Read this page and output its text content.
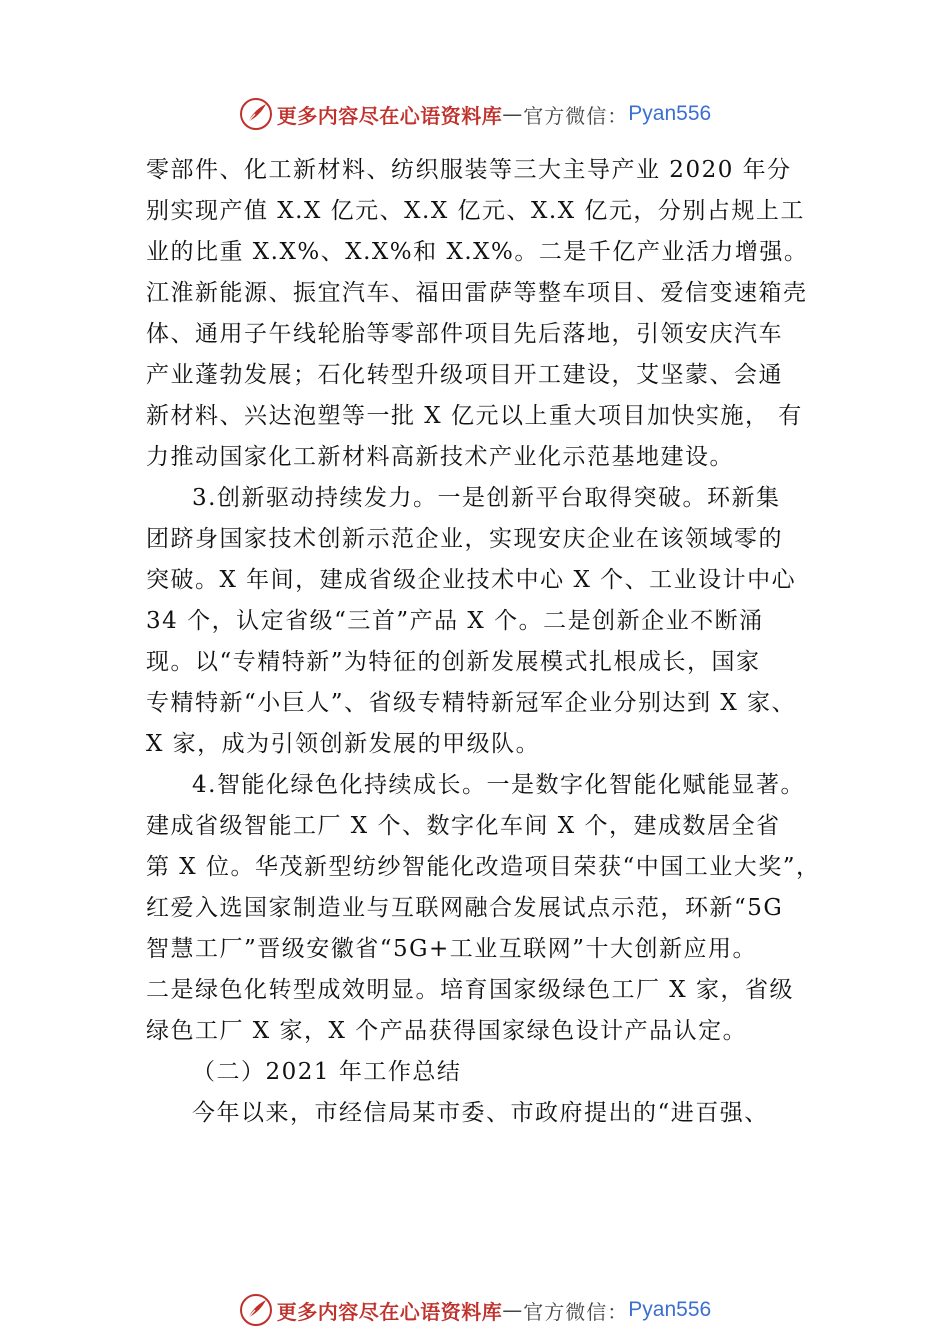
更多内容尽在心语资料库 — 官方微信： Pyan556

零部件、化工新材料、纺织服装等三大主导产业 2020 年分
别实现产值 X.X 亿元、X.X 亿元、X.X 亿元，分别占规上工
业的比重 X.X%、X.X%和 X.X%。二是千亿产业活力增强。
江淮新能源、振宜汽车、福田雷萨等整车项目、爱信变速箱壳
体、通用子午线轮胎等零部件项目先后落地，引领安庆汽车
产业蓬勃发展；石化转型升级项目开工建设，艾坚蒙、会通
新材料、兴达泡塑等一批 X 亿元以上重大项目加快实施， 有
力推动国家化工新材料高新技术产业化示范基地建设。

3.创新驱动持续发力。一是创新平台取得突破。环新集
团跻身国家技术创新示范企业，实现安庆企业在该领域零的
突破。X 年间，建成省级企业技术中心 X 个、工业设计中心
34 个，认定省级“三首”产品 X 个。二是创新企业不断涌
现。以“专精特新”为特征的创新发展模式扎根成长，国家
专精特新“小巨人”、省级专精特新冠军企业分别达到 X 家、
X 家，成为引领创新发展的甲级队。

4.智能化绿色化持续成长。一是数字化智能化赋能显著。
建成省级智能工厂 X 个、数字化车间 X 个，建成数居全省
第 X 位。华茂新型纺纱智能化改造项目荣获“中国工业大奖”，
红爱入选国家制造业与互联网融合发展试点示范，环新“5G
智慧工厂”晋级安徽省“5G+工业互联网”十大创新应用。
二是绿色化转型成效明显。培育国家级绿色工厂 X 家，省级
绿色工厂 X 家，X 个产品获得国家绿色设计产品认定。

（二）2021 年工作总结

今年以来，市经信局某市委、市政府提出的“进百强、

更多内容尽在心语资料库 — 官方微信： Pyan556
